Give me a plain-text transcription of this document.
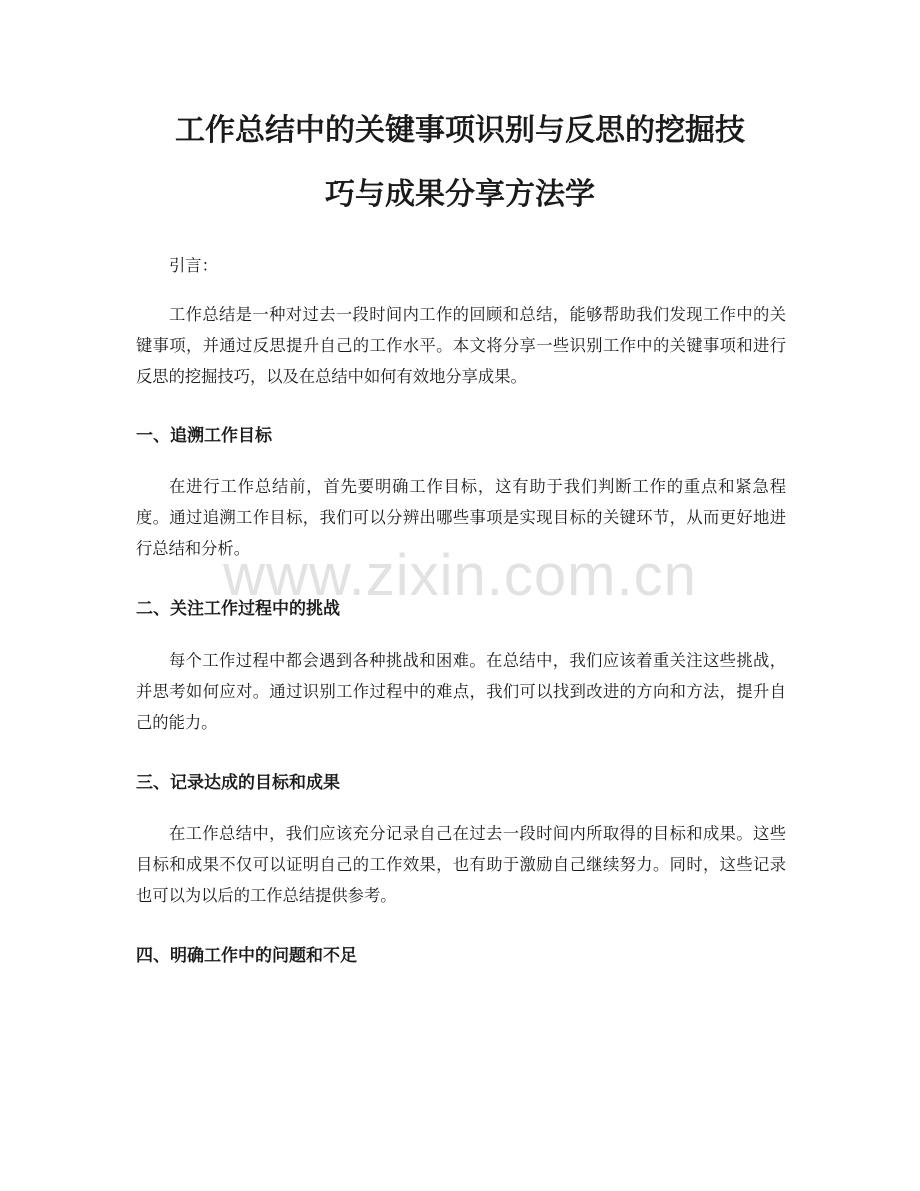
工作总结中的关键事项识别与反思的挖掘技
巧与成果分享方法学

引言：

工作总结是一种对过去一段时间内工作的回顾和总结，能够帮助我们发现工作中的关键事项，并通过反思提升自己的工作水平。本文将分享一些识别工作中的关键事项和进行反思的挖掘技巧，以及在总结中如何有效地分享成果。

一、追溯工作目标

在进行工作总结前，首先要明确工作目标，这有助于我们判断工作的重点和紧急程度。通过追溯工作目标，我们可以分辨出哪些事项是实现目标的关键环节，从而更好地进行总结和分析。

二、关注工作过程中的挑战

每个工作过程中都会遇到各种挑战和困难。在总结中，我们应该着重关注这些挑战，并思考如何应对。通过识别工作过程中的难点，我们可以找到改进的方向和方法，提升自己的能力。

三、记录达成的目标和成果

在工作总结中，我们应该充分记录自己在过去一段时间内所取得的目标和成果。这些目标和成果不仅可以证明自己的工作效果，也有助于激励自己继续努力。同时，这些记录也可以为以后的工作总结提供参考。

四、明确工作中的问题和不足
www.zixin.com.cn
